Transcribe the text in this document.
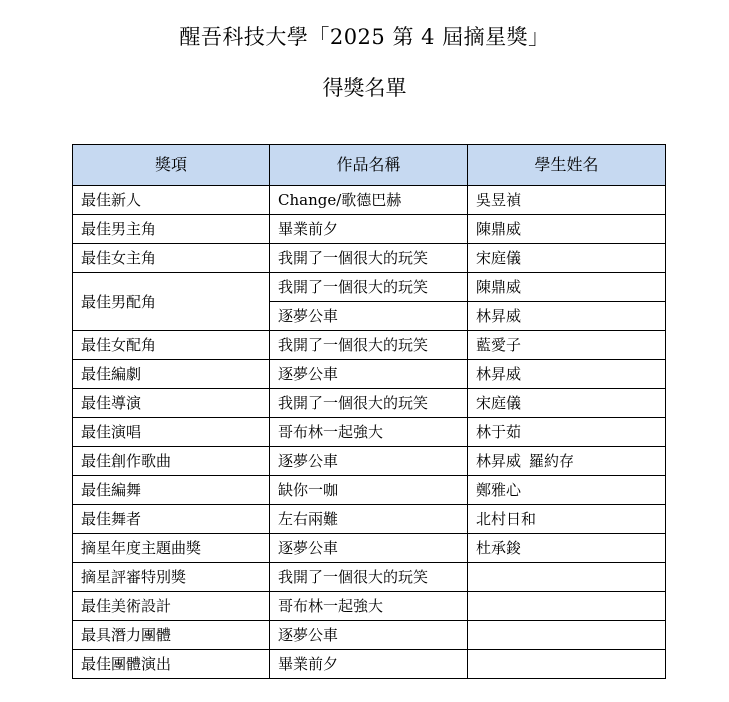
醒吾科技大學「2025 第 4 屆摘星獎」
得獎名單
獎項	作品名稱	學生姓名
最佳新人	Change/歌德巴赫	吳昱禎
最佳男主角	畢業前夕	陳鼎威
最佳女主角	我開了一個很大的玩笑	宋庭儀
最佳男配角	我開了一個很大的玩笑	陳鼎威
	逐夢公車	林昇威
最佳女配角	我開了一個很大的玩笑	藍愛子
最佳編劇	逐夢公車	林昇威
最佳導演	我開了一個很大的玩笑	宋庭儀
最佳演唱	哥布林一起強大	林于茹
最佳創作歌曲	逐夢公車	林昇威 羅約存
最佳編舞	缺你一咖	鄭雅心
最佳舞者	左右兩難	北村日和
摘星年度主題曲獎	逐夢公車	杜承鋑
摘星評審特別獎	我開了一個很大的玩笑	
最佳美術設計	哥布林一起強大	
最具潛力團體	逐夢公車	
最佳團體演出	畢業前夕	
